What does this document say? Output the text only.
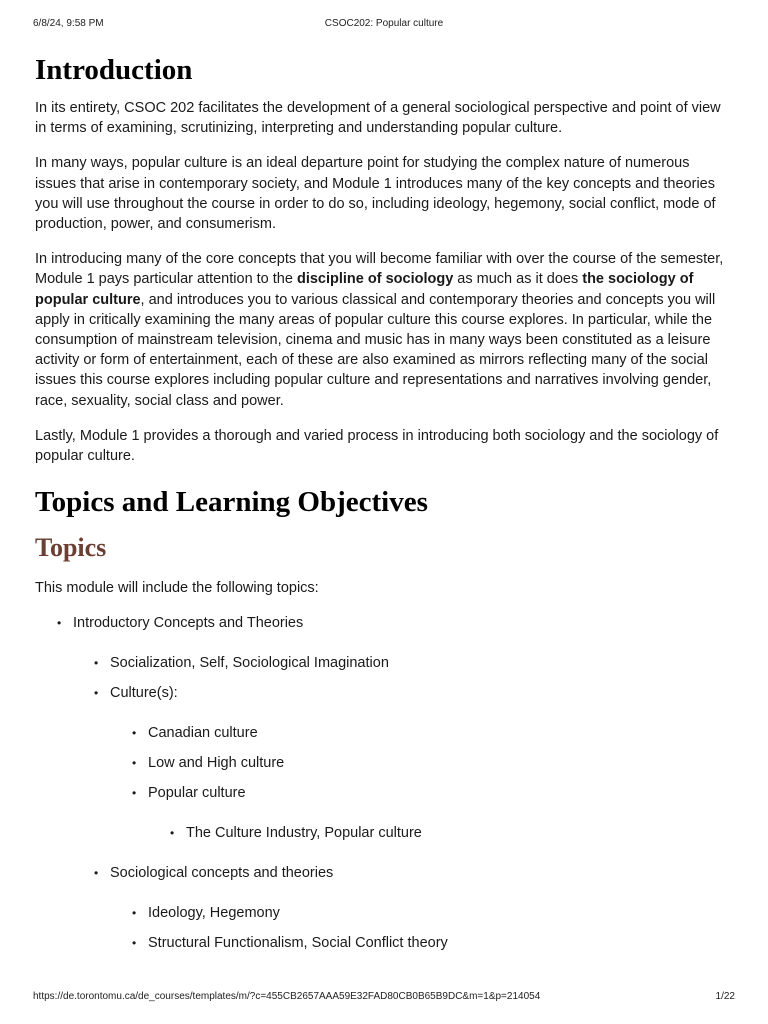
6/8/24, 9:58 PM	CSOC202: Popular culture
Introduction

In its entirety, CSOC 202 facilitates the development of a general sociological perspective and point of view in terms of examining, scrutinizing, interpreting and understanding popular culture.

In many ways, popular culture is an ideal departure point for studying the complex nature of numerous issues that arise in contemporary society, and Module 1 introduces many of the key concepts and theories you will use throughout the course in order to do so, including ideology, hegemony, social conflict, mode of production, power, and consumerism.

In introducing many of the core concepts that you will become familiar with over the course of the semester, Module 1 pays particular attention to the discipline of sociology as much as it does the sociology of popular culture, and introduces you to various classical and contemporary theories and concepts you will apply in critically examining the many areas of popular culture this course explores. In particular, while the consumption of mainstream television, cinema and music has in many ways been constituted as a leisure activity or form of entertainment, each of these are also examined as mirrors reflecting many of the social issues this course explores including popular culture and representations and narratives involving gender, race, sexuality, social class and power.

Lastly, Module 1 provides a thorough and varied process in introducing both sociology and the sociology of popular culture.

Topics and Learning Objectives
Topics

This module will include the following topics:

• Introductory Concepts and Theories
• Socialization, Self, Sociological Imagination
• Culture(s):
• Canadian culture
• Low and High culture
• Popular culture
• The Culture Industry, Popular culture
• Sociological concepts and theories
• Ideology, Hegemony
• Structural Functionalism, Social Conflict theory
https://de.torontomu.ca/de_courses/templates/m/?c=455CB2657AAA59E32FAD80CB0B65B9DC&m=1&p=214054	1/22
